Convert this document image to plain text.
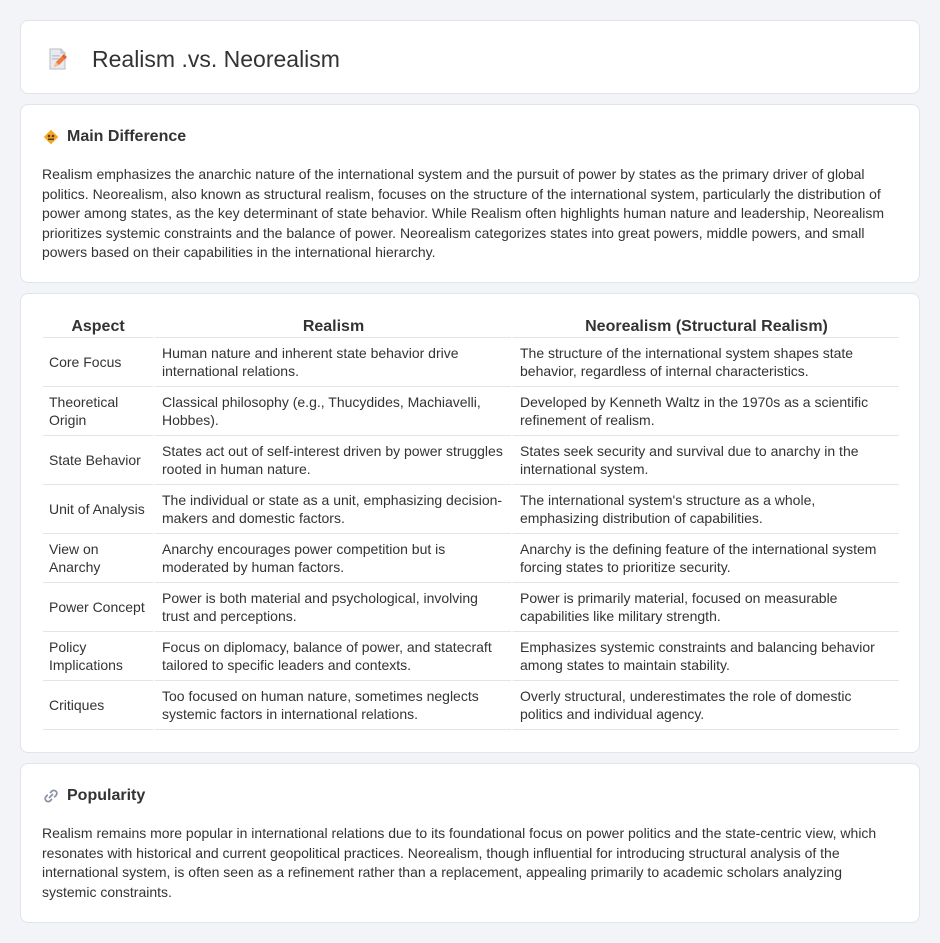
Realism .vs. Neorealism
Main Difference

Realism emphasizes the anarchic nature of the international system and the pursuit of power by states as the primary driver of global politics. Neorealism, also known as structural realism, focuses on the structure of the international system, particularly the distribution of power among states, as the key determinant of state behavior. While Realism often highlights human nature and leadership, Neorealism prioritizes systemic constraints and the balance of power. Neorealism categorizes states into great powers, middle powers, and small powers based on their capabilities in the international hierarchy.

Aspect	Realism	Neorealism (Structural Realism)
Core Focus	Human nature and inherent state behavior drive international relations.	The structure of the international system shapes state behavior, regardless of internal characteristics.
Theoretical Origin	Classical philosophy (e.g., Thucydides, Machiavelli, Hobbes).	Developed by Kenneth Waltz in the 1970s as a scientific refinement of realism.
State Behavior	States act out of self-interest driven by power struggles rooted in human nature.	States seek security and survival due to anarchy in the international system.
Unit of Analysis	The individual or state as a unit, emphasizing decision-makers and domestic factors.	The international system's structure as a whole, emphasizing distribution of capabilities.
View on Anarchy	Anarchy encourages power competition but is moderated by human factors.	Anarchy is the defining feature of the international system forcing states to prioritize security.
Power Concept	Power is both material and psychological, involving trust and perceptions.	Power is primarily material, focused on measurable capabilities like military strength.
Policy Implications	Focus on diplomacy, balance of power, and statecraft tailored to specific leaders and contexts.	Emphasizes systemic constraints and balancing behavior among states to maintain stability.
Critiques	Too focused on human nature, sometimes neglects systemic factors in international relations.	Overly structural, underestimates the role of domestic politics and individual agency.
Popularity

Realism remains more popular in international relations due to its foundational focus on power politics and the state-centric view, which resonates with historical and current geopolitical practices. Neorealism, though influential for introducing structural analysis of the international system, is often seen as a refinement rather than a replacement, appealing primarily to academic scholars analyzing systemic constraints.
